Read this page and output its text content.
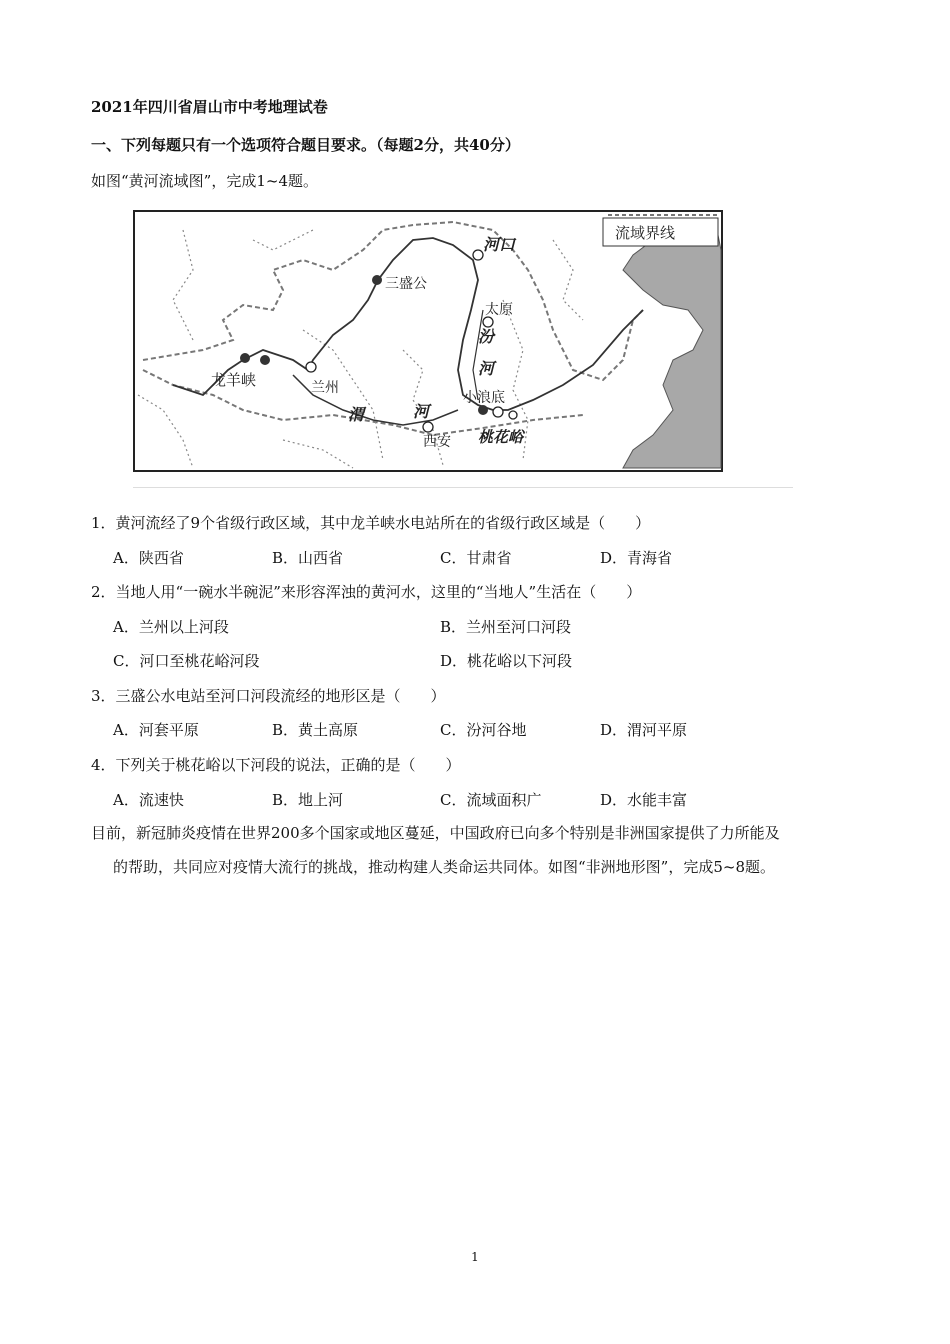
2021年四川省眉山市中考地理试卷
一、下列每题只有一个选项符合题目要求。（每题2分，共40分）
如图“黄河流域图”，完成1~4题。
流域界线
河口
三盛公
太原
汾
河
龙羊峡	兰州
渭	河
小浪底
西安 桃花峪
1．黄河流经了9个省级行政区域，其中龙羊峡水电站所在的省级行政区域是（　　）
A．陕西省	B．山西省	C．甘肃省	D．青海省
2．当地人用“一碗水半碗泥”来形容浑浊的黄河水，这里的“当地人”生活在（　　）
A．兰州以上河段	B．兰州至河口河段
C．河口至桃花峪河段	D．桃花峪以下河段
3．三盛公水电站至河口河段流经的地形区是（　　）
A．河套平原	B．黄土高原	C．汾河谷地	D．渭河平原
4．下列关于桃花峪以下河段的说法，正确的是（　　）
A．流速快	B．地上河	C．流域面积广	D．水能丰富
目前，新冠肺炎疫情在世界200多个国家或地区蔓延，中国政府已向多个特别是非洲国家提供了力所能及
的帮助，共同应对疫情大流行的挑战，推动构建人类命运共同体。如图“非洲地形图”，完成5~8题。
1
